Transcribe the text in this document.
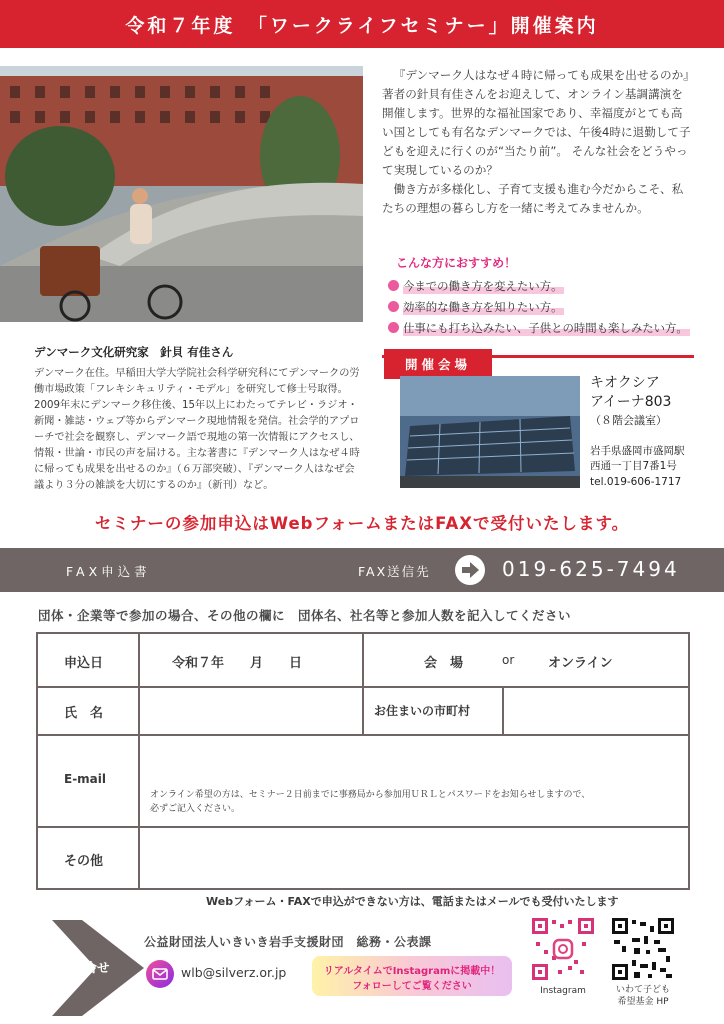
令和７年度　「ワークライフセミナー」開催案内

『デンマーク人はなぜ４時に帰っても成果を出せるのか』著者の針貝有佳さんをお迎えして、オンライン基調講演を開催します。世界的な福祉国家であり、幸福度がとても高い国としても有名なデンマークでは、午後4時に退勤して子どもを迎えに行くのが“当たり前”。 そんな社会をどうやって実現しているのか？

働き方が多様化し、子育て支援も進む今だからこそ、私たちの理想の暮らし方を一緒に考えてみませんか。

こんな方におすすめ！
今までの働き方を変えたい方。
効率的な働き方を知りたい方。
仕事にも打ち込みたい、子供との時間も楽しみたい方。
デンマーク文化研究家　針貝 有佳さん
デンマーク在住。早稲田大学大学院社会科学研究科にてデンマークの労働市場政策「フレキシキュリティ・モデル」を研究して修士号取得。2009年末にデンマーク移住後、15年以上にわたってテレビ・ラジオ・新聞・雑誌・ウェブ等からデンマーク現地情報を発信。社会学的アプローチで社会を観察し、デンマーク語で現地の第一次情報にアクセスし、情報・世論・市民の声を届ける。主な著書に『デンマーク人はなぜ４時に帰っても成果を出せるのか』（６万部突破）、『デンマーク人はなぜ会議より３分の雑談を大切にするのか』（新刊）など。
開催会場
キオクシア
アイーナ803
（８階会議室）
岩手県盛岡市盛岡駅
西通一丁目7番1号
tel.019-606-1717
セミナーの参加申込はWebフォームまたはFAXで受付いたします。
FAX申込書	FAX送信先	019-625-7494
団体・企業等で参加の場合、その他の欄に　団体名、社名等と参加人数を記入してください
申込日	令和７年　　月　　日	会　場	or	オンライン
氏　名	お住まいの市町村
E-mail
オンライン希望の方は、セミナー２日前までに事務局から参加用ＵＲＬとパスワードをお知らせしますので、
必ずご記入ください。
その他
Webフォーム・FAXで申込ができない方は、電話またはメールでも受付いたします
問合せ
公益財団法人いきいき岩手支援財団　総務・公表課
wlb@silverz.or.jp	リアルタイムでInstagramに掲載中！
フォローしてご覧ください	Instagram	いわて子ども
希望基金 HP
